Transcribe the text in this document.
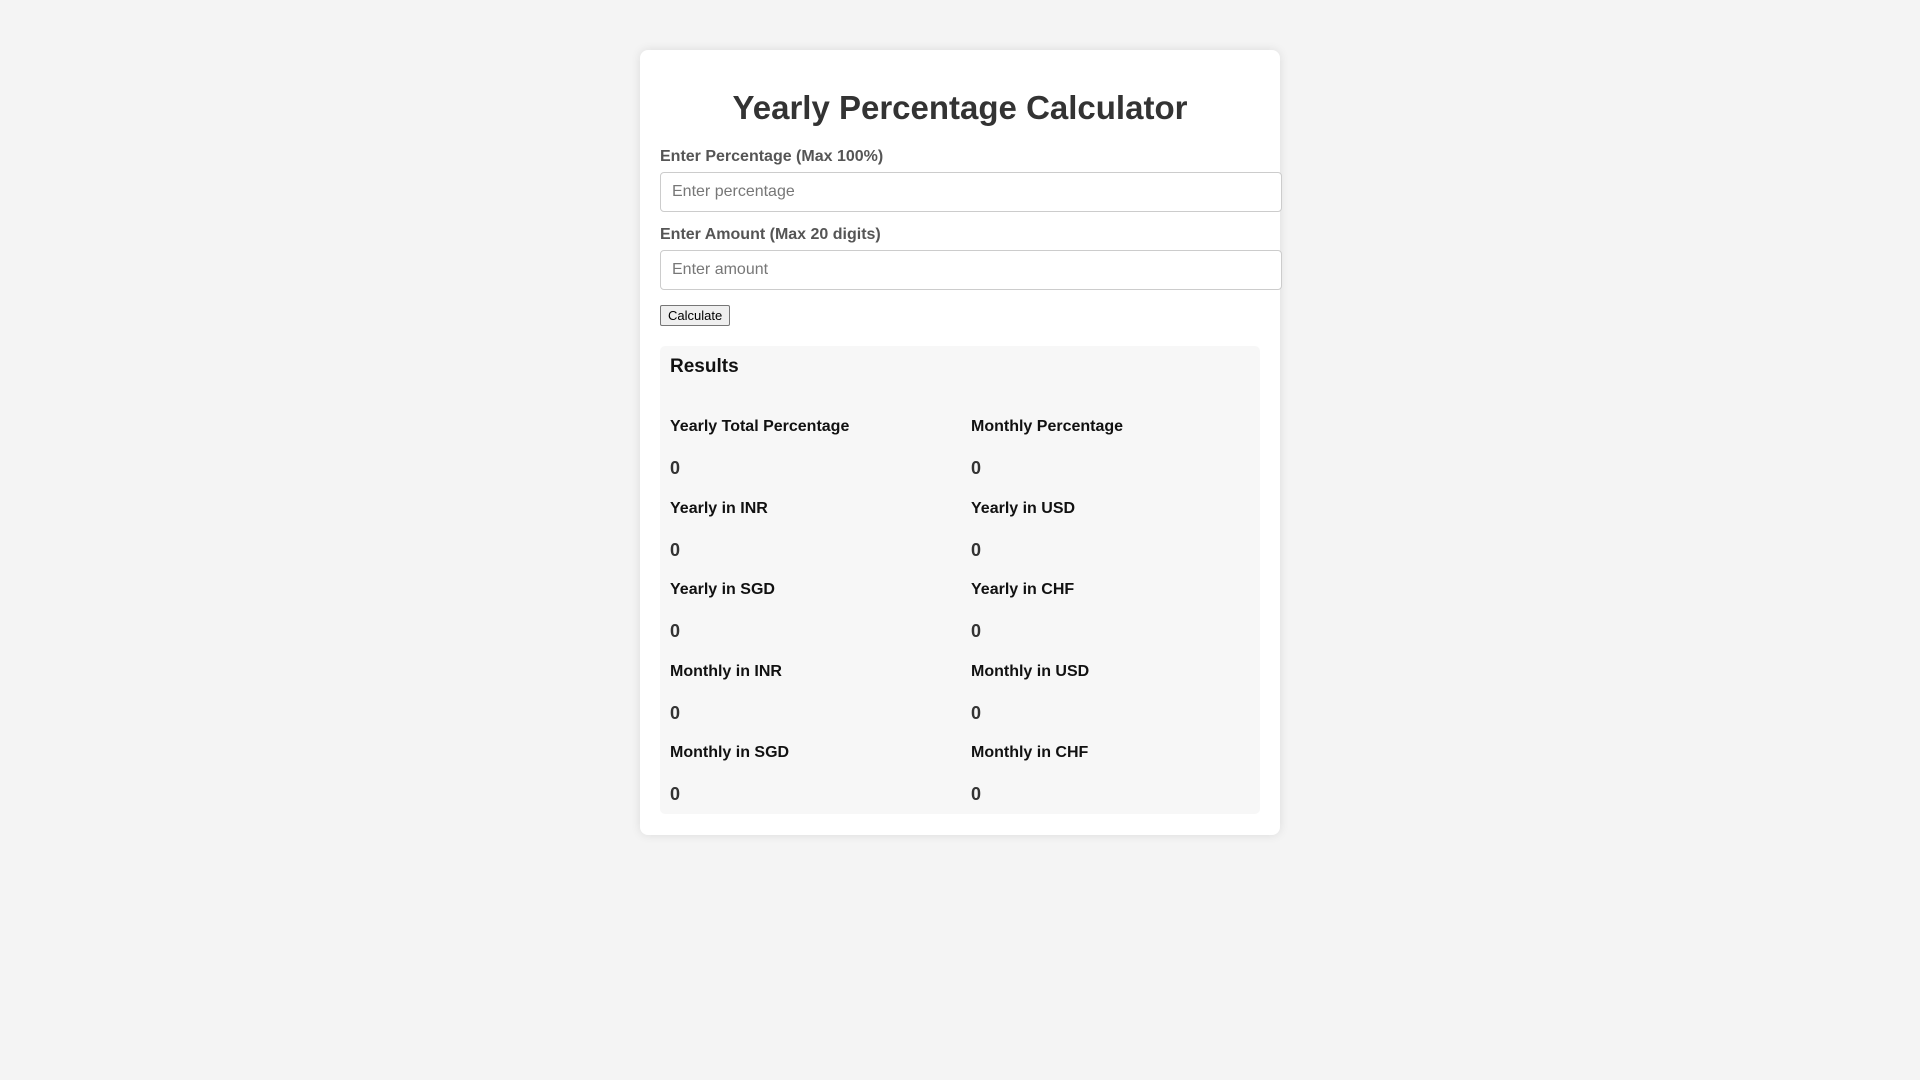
Yearly Percentage Calculator
Enter Percentage (Max 100%)
Enter percentage
Enter Amount (Max 20 digits)
Enter amount
Calculate
Results

Yearly Total Percentage

0

Monthly Percentage

0

Yearly in INR

0

Yearly in USD

0

Yearly in SGD

0

Yearly in CHF

0

Monthly in INR

0

Monthly in USD

0

Monthly in SGD

0

Monthly in CHF

0
